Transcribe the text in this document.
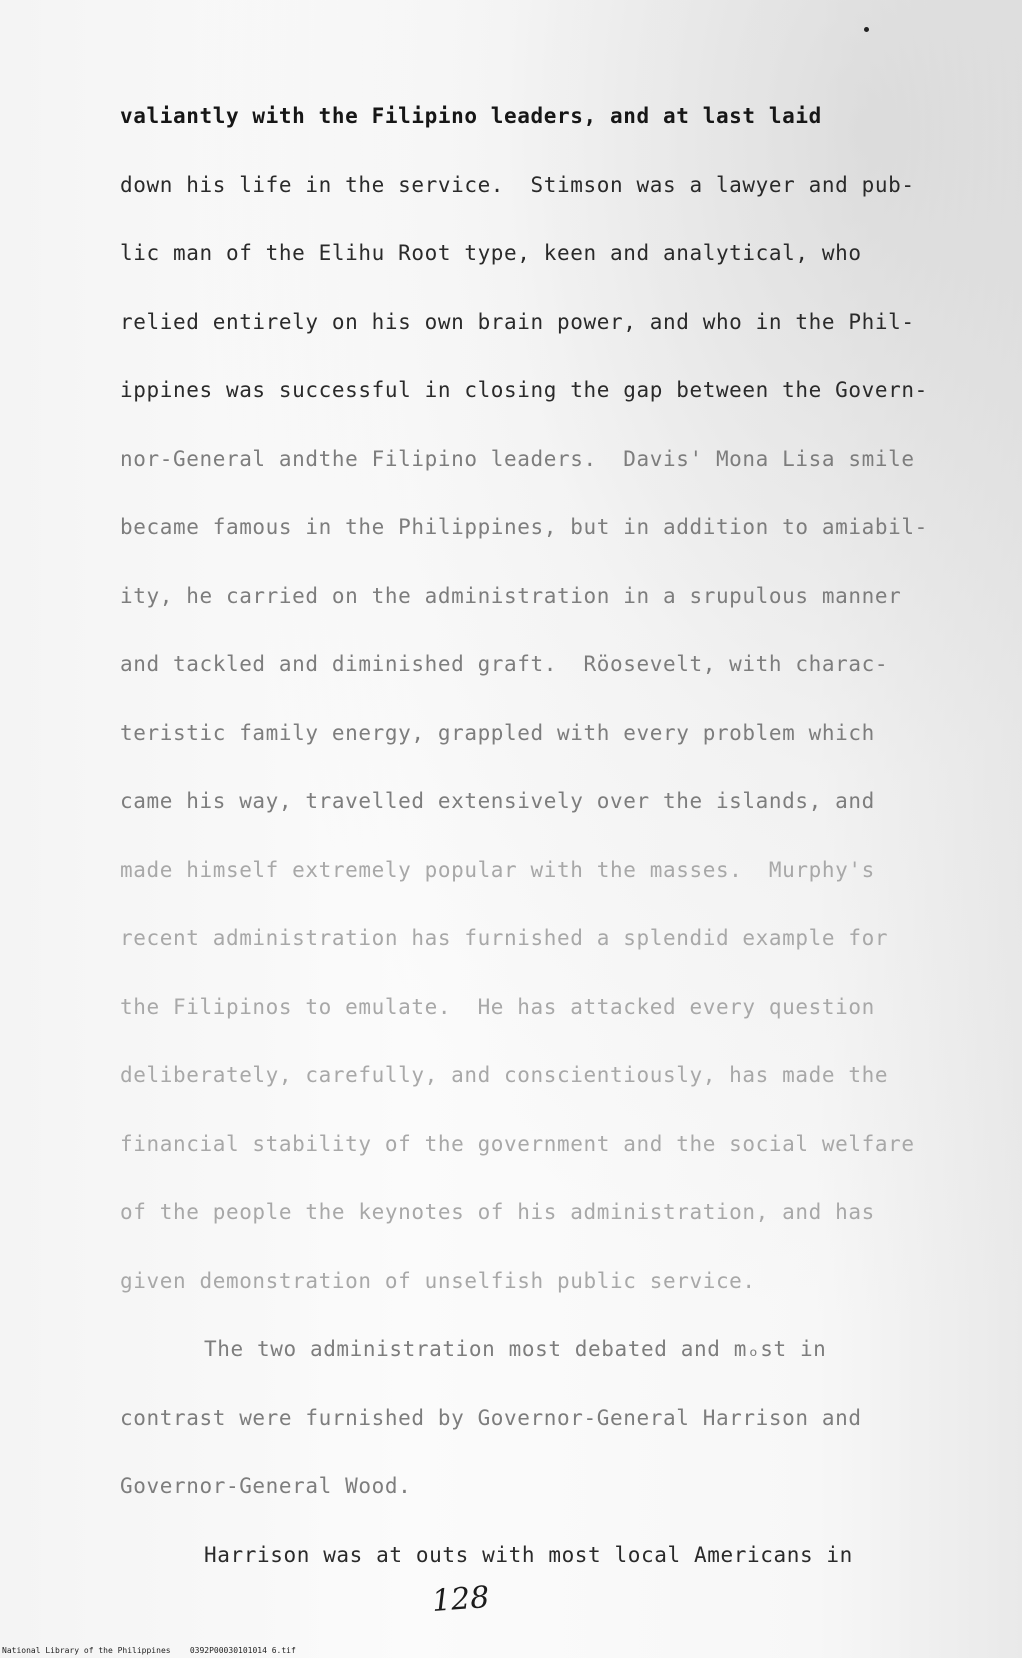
valiantly with the Filipino leaders, and at last laid
down his life in the service.  Stimson was a lawyer and pub-
lic man of the Elihu Root type, keen and analytical, who
relied entirely on his own brain power, and who in the Phil-
ippines was successful in closing the gap between the Govern-
nor-General andthe Filipino leaders.  Davis' Mona Lisa smile
became famous in the Philippines, but in addition to amiabil-
ity, he carried on the administration in a srupulous manner
and tackled and diminished graft.  Röosevelt, with charac-
teristic family energy, grappled with every problem which
came his way, travelled extensively over the islands, and
made himself extremely popular with the masses.  Murphy's
recent administration has furnished a splendid example for
the Filipinos to emulate.  He has attacked every question
deliberately, carefully, and conscientiously, has made the
financial stability of the government and the social welfare
of the people the keynotes of his administration, and has
given demonstration of unselfish public service.
The two administration most debated and mₒst in
contrast were furnished by Governor-General Harrison and
Governor-General Wood.
Harrison was at outs with most local Americans in
128
National Library of the Philippines    0392P00030101014 6.tif
